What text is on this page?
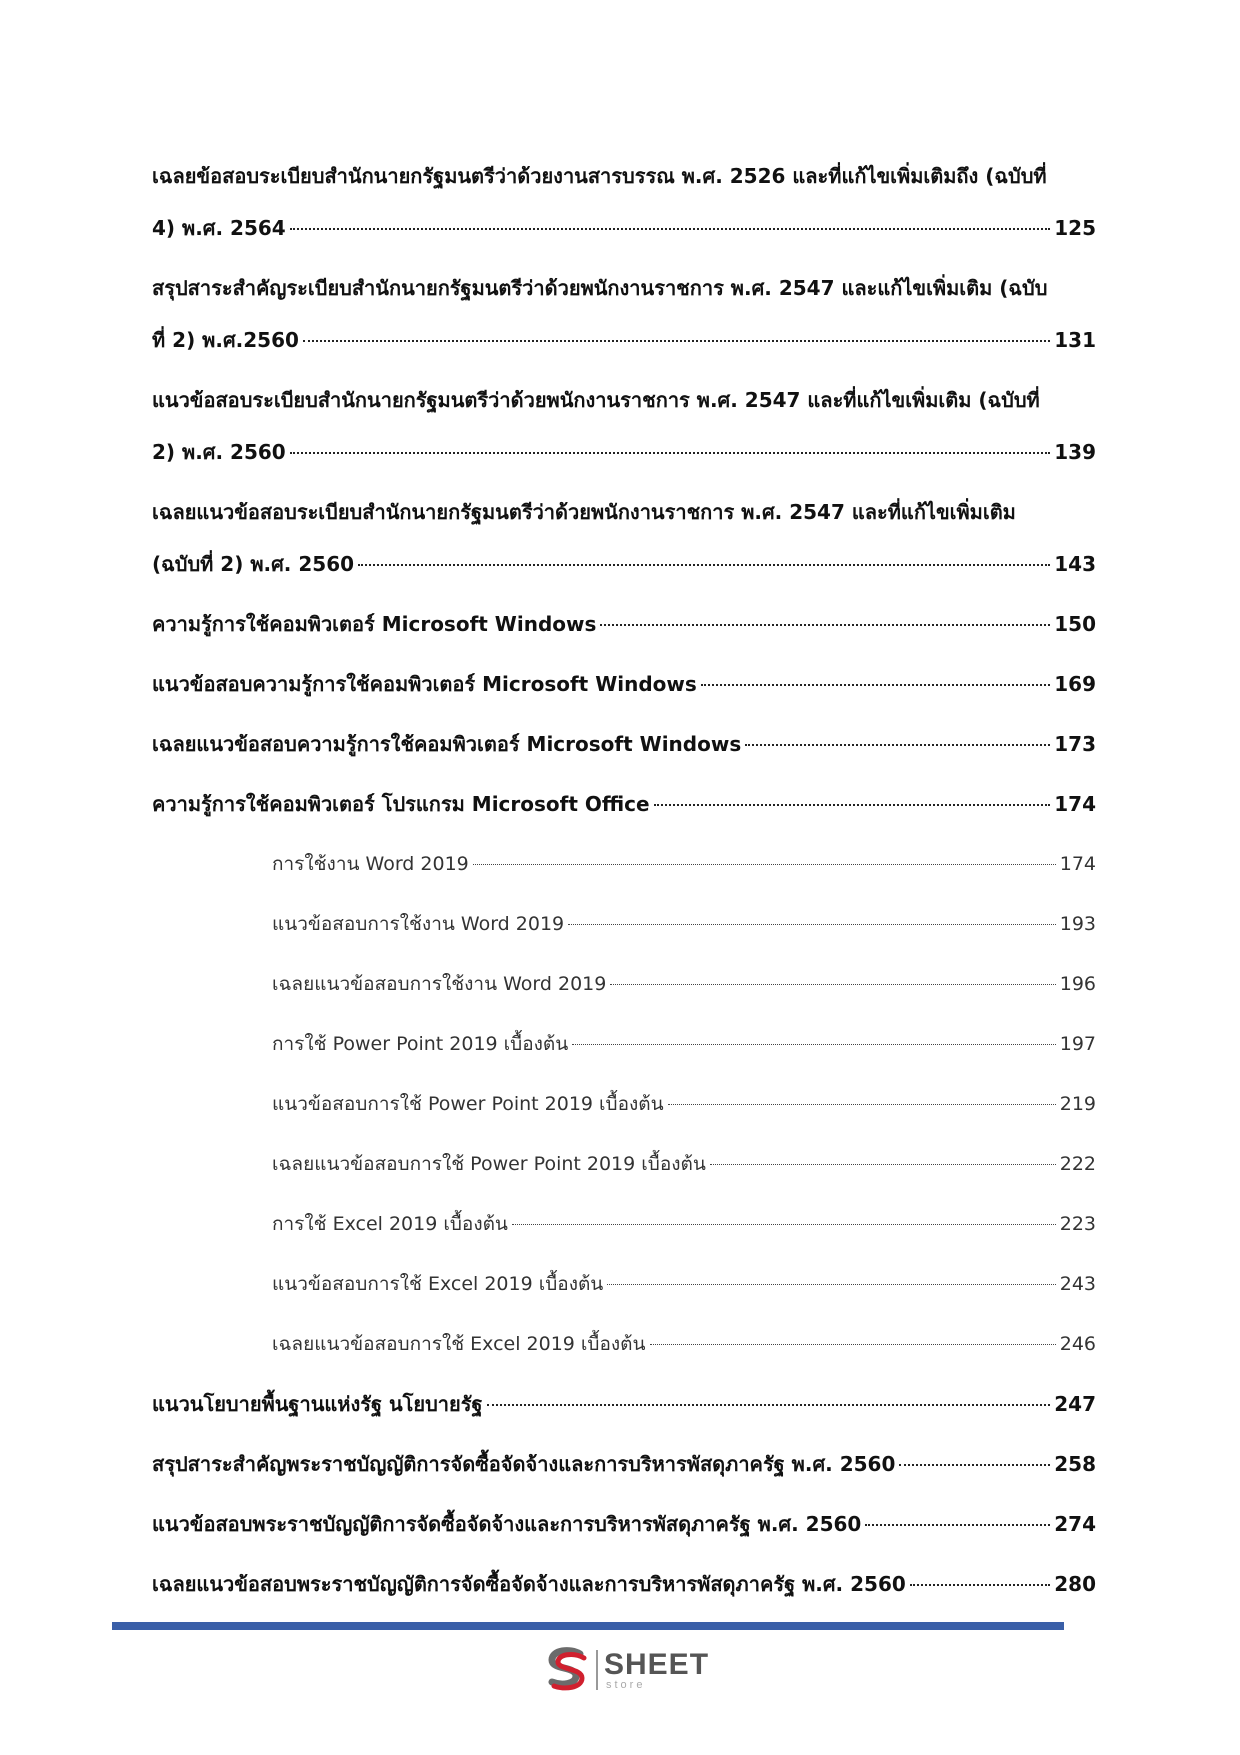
เฉลยข้อสอบระเบียบสำนักนายกรัฐมนตรีว่าด้วยงานสารบรรณ พ.ศ. 2526 และที่แก้ไขเพิ่มเติมถึง (ฉบับที่
4) พ.ศ. 2564	125
สรุปสาระสำคัญระเบียบสำนักนายกรัฐมนตรีว่าด้วยพนักงานราชการ พ.ศ. 2547 และแก้ไขเพิ่มเติม (ฉบับ
ที่ 2) พ.ศ.2560	131
แนวข้อสอบระเบียบสำนักนายกรัฐมนตรีว่าด้วยพนักงานราชการ พ.ศ. 2547 และที่แก้ไขเพิ่มเติม (ฉบับที่
2) พ.ศ. 2560	139
เฉลยแนวข้อสอบระเบียบสำนักนายกรัฐมนตรีว่าด้วยพนักงานราชการ พ.ศ. 2547 และที่แก้ไขเพิ่มเติม
(ฉบับที่ 2) พ.ศ. 2560	143
ความรู้การใช้คอมพิวเตอร์ Microsoft Windows	150
แนวข้อสอบความรู้การใช้คอมพิวเตอร์ Microsoft Windows	169
เฉลยแนวข้อสอบความรู้การใช้คอมพิวเตอร์ Microsoft Windows	173
ความรู้การใช้คอมพิวเตอร์ โปรแกรม Microsoft Office	174
การใช้งาน Word 2019	174
แนวข้อสอบการใช้งาน Word 2019	193
เฉลยแนวข้อสอบการใช้งาน Word 2019	196
การใช้ Power Point 2019 เบื้องต้น	197
แนวข้อสอบการใช้ Power Point 2019 เบื้องต้น	219
เฉลยแนวข้อสอบการใช้ Power Point 2019 เบื้องต้น	222
การใช้ Excel 2019 เบื้องต้น	223
แนวข้อสอบการใช้ Excel 2019 เบื้องต้น	243
เฉลยแนวข้อสอบการใช้ Excel 2019 เบื้องต้น	246
แนวนโยบายพื้นฐานแห่งรัฐ นโยบายรัฐ	247
สรุปสาระสำคัญพระราชบัญญัติการจัดซื้อจัดจ้างและการบริหารพัสดุภาครัฐ พ.ศ. 2560	258
แนวข้อสอบพระราชบัญญัติการจัดซื้อจัดจ้างและการบริหารพัสดุภาครัฐ พ.ศ. 2560	274
เฉลยแนวข้อสอบพระราชบัญญัติการจัดซื้อจัดจ้างและการบริหารพัสดุภาครัฐ พ.ศ. 2560	280
SHEET
store
